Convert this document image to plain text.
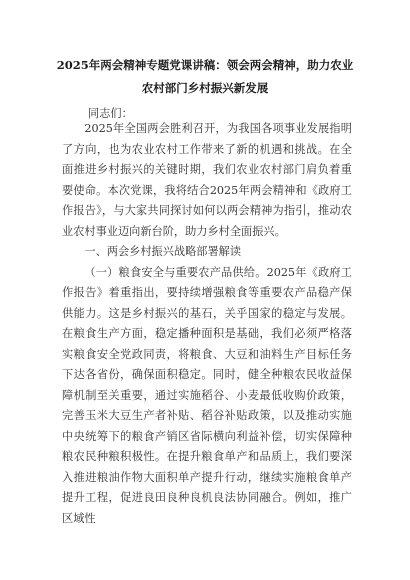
2025年两会精神专题党课讲稿：领会两会精神，助力农业
农村部门乡村振兴新发展
同志们：

2025年全国两会胜利召开，为我国各项事业发展指明了方向，也为农业农村工作带来了新的机遇和挑战。在全面推进乡村振兴的关键时期，我们农业农村部门肩负着重要使命。本次党课，我将结合2025年两会精神和《政府工作报告》，与大家共同探讨如何以两会精神为指引，推动农业农村事业迈向新台阶，助力乡村全面振兴。

一、两会乡村振兴战略部署解读

（一）粮食安全与重要农产品供给。2025年《政府工作报告》着重指出，要持续增强粮食等重要农产品稳产保供能力。这是乡村振兴的基石，关乎国家的稳定与发展。在粮食生产方面，稳定播种面积是基础，我们必须严格落实粮食安全党政同责，将粮食、大豆和油料生产目标任务下达各省份，确保面积稳定。同时，健全种粮农民收益保障机制至关重要，通过实施稻谷、小麦最低收购价政策，完善玉米大豆生产者补贴、稻谷补贴政策，以及推动实施中央统筹下的粮食产销区省际横向利益补偿，切实保障种粮农民种粮积极性。在提升粮食单产和品质上，我们要深入推进粮油作物大面积单产提升行动，继续实施粮食单产提升工程，促进良田良种良机良法协同融合。例如，推广区域性
